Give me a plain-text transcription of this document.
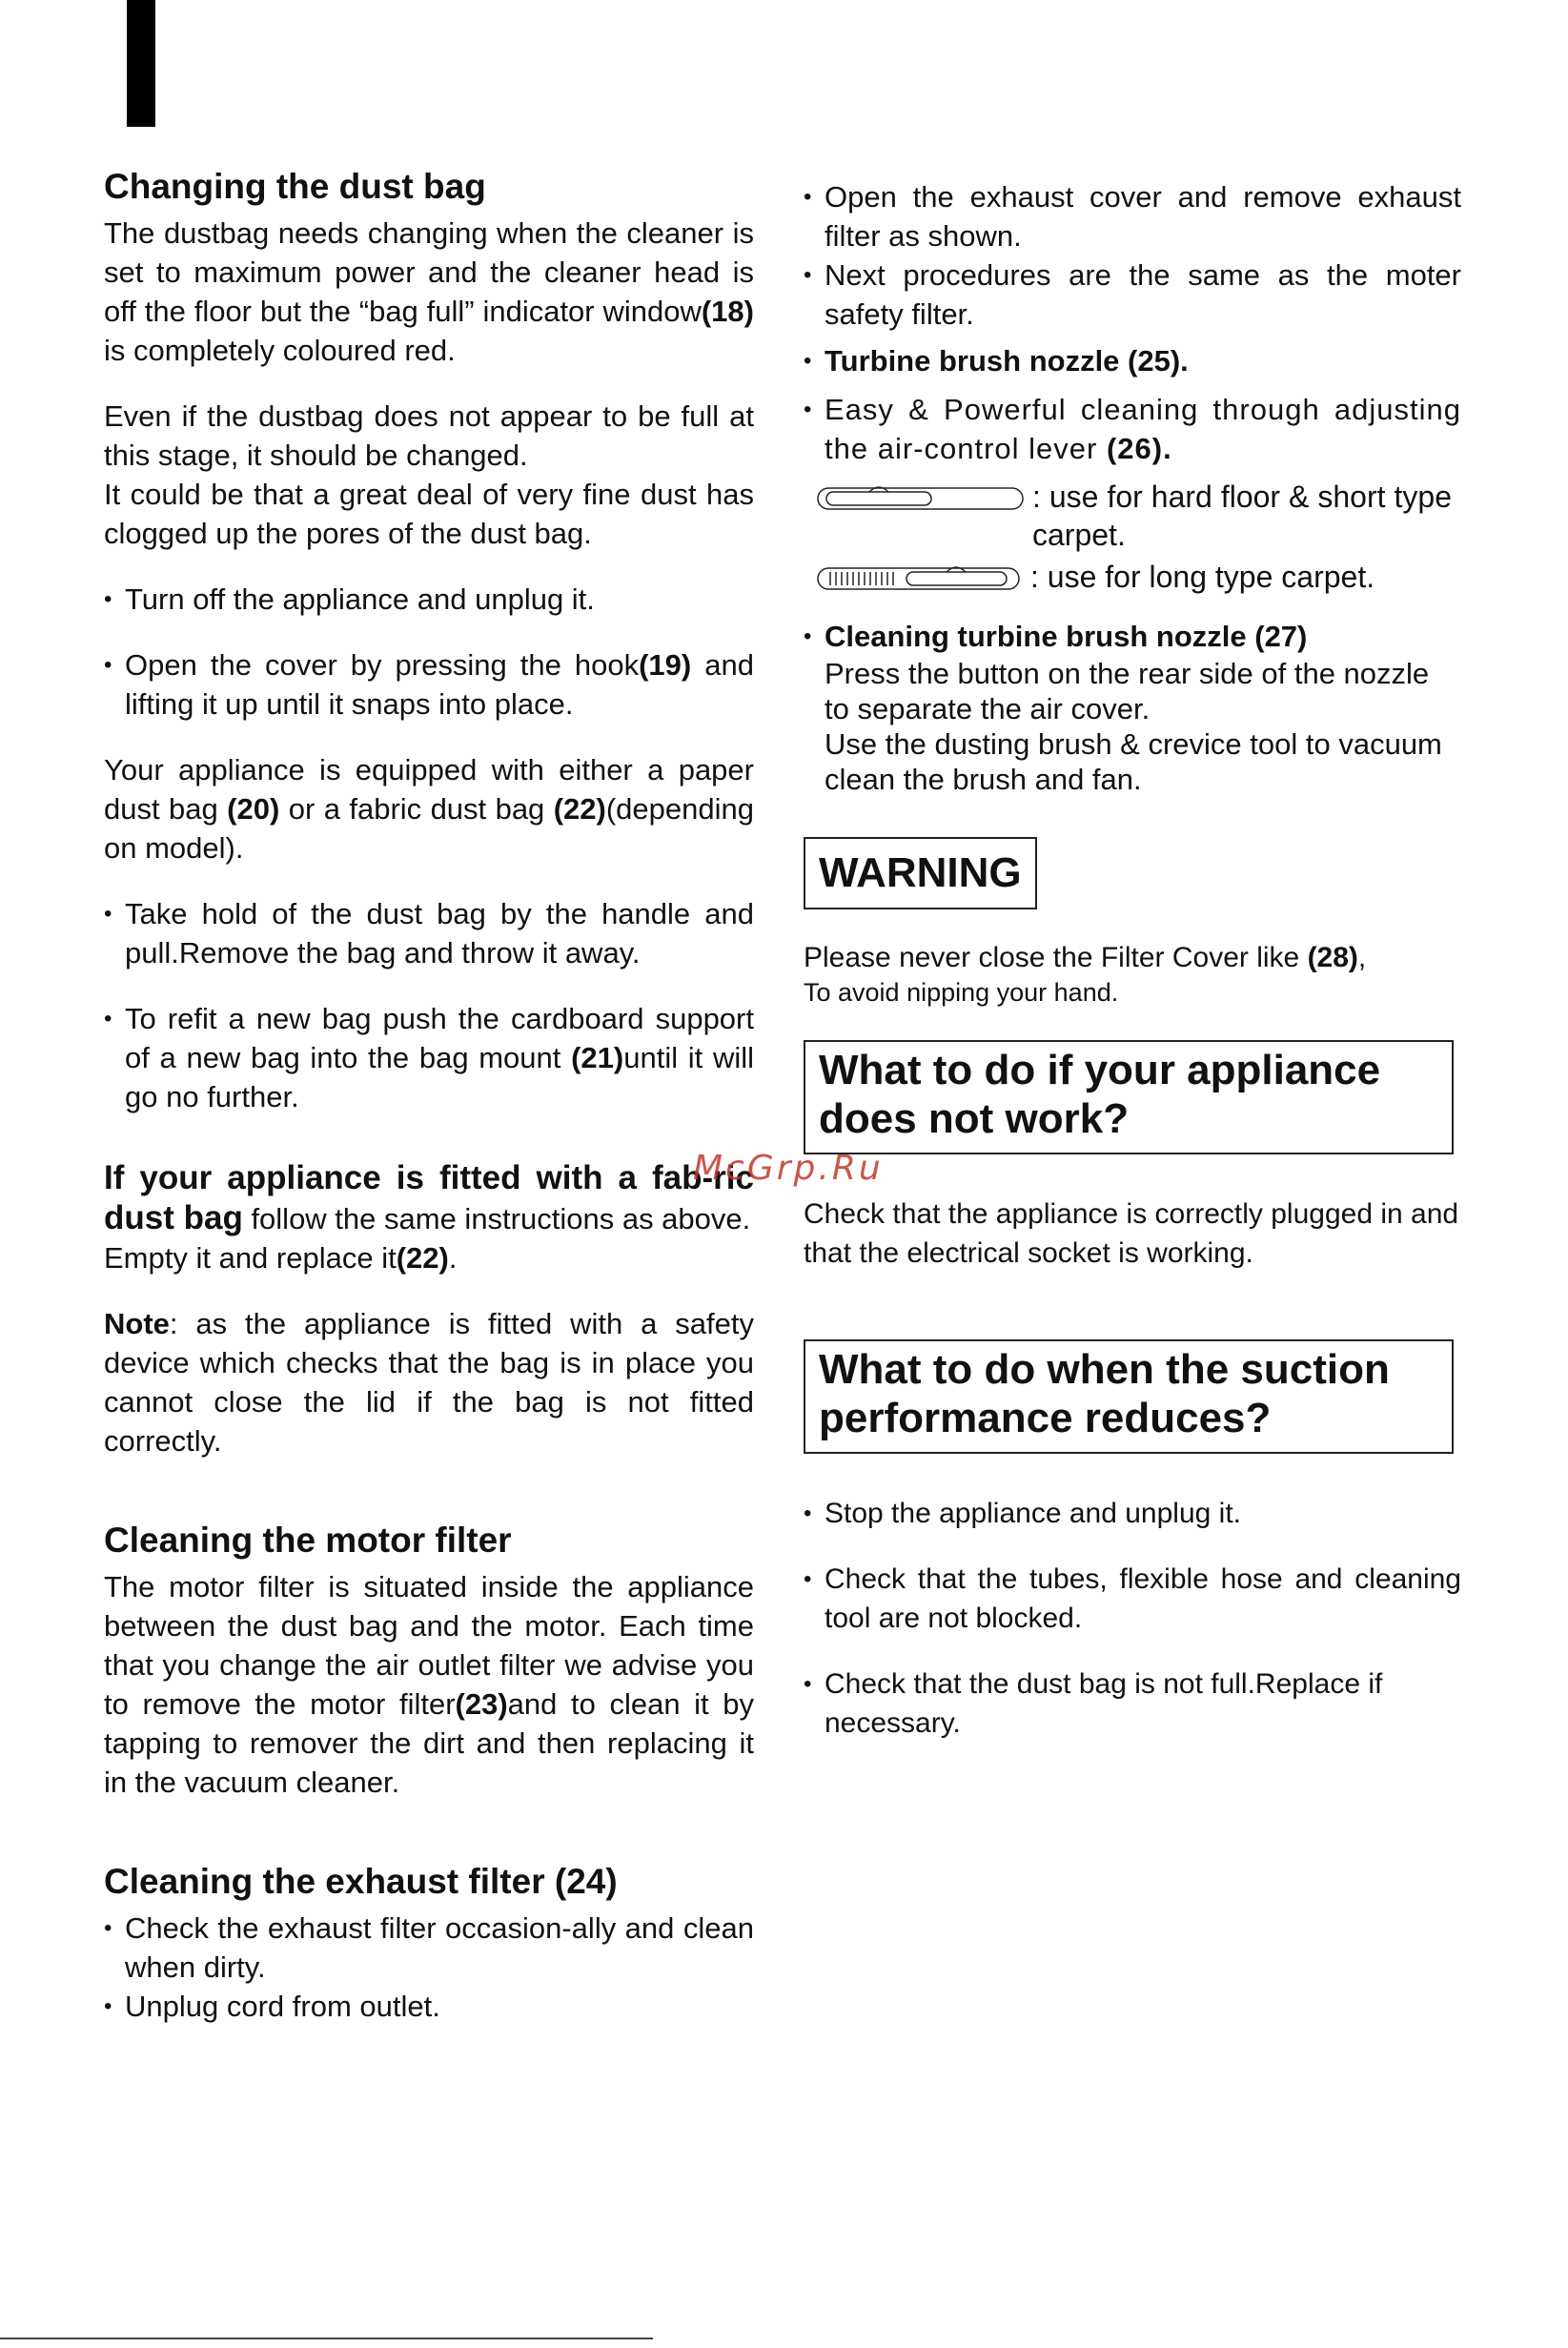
Changing the dust bag

The dustbag needs changing when the cleaner is set to maximum power and the cleaner head is off the floor but the “bag full” indicator window(18) is completely coloured red.

Even if the dustbag does not appear to be full at this stage, it should be changed.

It could be that a great deal of very fine dust has clogged up the pores of the dust bag.

• Turn off the appliance and unplug it.
• Open the cover by pressing the hook(19) and lifting it up until it snaps into place.

Your appliance is equipped with either a paper dust bag (20) or a fabric dust bag (22)(depending on model).

• Take hold of the dust bag by the handle and pull.Remove the bag and throw it away.
• To refit a new bag push the cardboard support of a new bag into the bag mount (21)until it will go no further.

If your appliance is fitted with a fab-ric dust bag follow the same instructions as above.

Empty it and replace it(22).

Note: as the appliance is fitted with a safety device which checks that the bag is in place you cannot close the lid if the bag is not fitted correctly.

Cleaning the motor filter

The motor filter is situated inside the appliance between the dust bag and the motor. Each time that you change the air outlet filter we advise you to remove the motor filter(23)and to clean it by tapping to remover the dirt and then replacing it in the vacuum cleaner.

Cleaning the exhaust filter (24)
• Check the exhaust filter occasion-ally and clean when dirty.
• Unplug cord from outlet.
• Open the exhaust cover and remove exhaust filter as shown.
• Next procedures are the same as the moter safety filter.
• Turbine brush nozzle (25).
• Easy & Powerful cleaning through adjusting the air-control lever (26).
: use for hard floor & short type carpet.
: use for long type carpet.
• Cleaning turbine brush nozzle (27)

Press the button on the rear side of the nozzle to separate the air cover.

Use the dusting brush & crevice tool to vacuum clean the brush and fan.

WARNING

Please never close the Filter Cover like (28),

To avoid nipping your hand.

What to do if your appliance does not work?

Check that the appliance is correctly plugged in and that the electrical socket is working.

What to do when the suction performance reduces?
• Stop the appliance and unplug it.
• Check that the tubes, flexible hose and cleaning tool are not blocked.
• Check that the dust bag is not full.Replace if necessary.
McGrp.Ru
